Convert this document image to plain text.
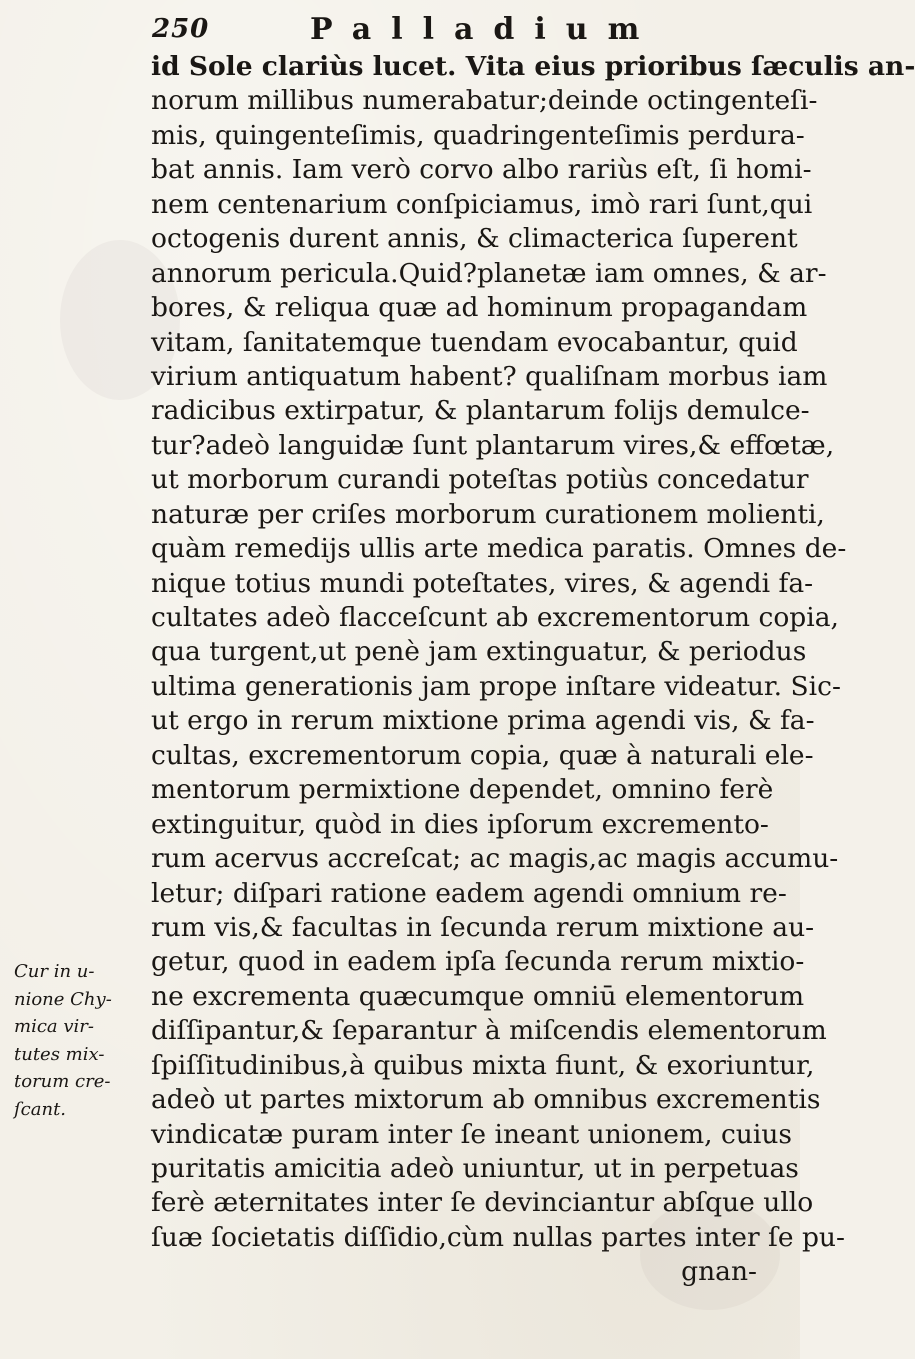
250	Palladium
Cur in u-
nione Chy-
mica vir-
tutes mix-
torum cre-
ſcant.
id Sole clariùs lucet. Vita eius prioribus ſæculis an-
norum millibus numerabatur;deinde octingenteſi-
mis, quingenteſimis, quadringenteſimis perdura-
bat annis. Iam verò corvo albo rariùs eſt, ſi homi-
nem centenarium conſpiciamus, imò rari ſunt,qui
octogenis durent annis, & climacterica ſuperent
annorum pericula.Quid?planetæ iam omnes, & ar-
bores, & reliqua quæ ad hominum propagandam
vitam, ſanitatemque tuendam evocabantur, quid
virium antiquatum habent? qualiſnam morbus iam
radicibus extirpatur, & plantarum folijs demulce-
tur?adeò languidæ ſunt plantarum vires,& effœtæ,
ut morborum curandi poteſtas potiùs concedatur
naturæ per criſes morborum curationem molienti,
quàm remedijs ullis arte medica paratis. Omnes de-
nique totius mundi poteſtates, vires, & agendi fa-
cultates adeò flacceſcunt ab excrementorum copia,
qua turgent,ut penè jam extinguatur, & periodus
ultima generationis jam prope inſtare videatur. Sic-
ut ergo in rerum mixtione prima agendi vis, & fa-
cultas, excrementorum copia, quæ à naturali ele-
mentorum permixtione dependet, omnino ferè
extinguitur, quòd in dies ipſorum excremento-
rum acervus accreſcat; ac magis,ac magis accumu-
letur; diſpari ratione eadem agendi omnium re-
rum vis,& facultas in ſecunda rerum mixtione au-
getur, quod in eadem ipſa ſecunda rerum mixtio-
ne excrementa quæcumque omniū elementorum
diſſipantur,& ſeparantur à miſcendis elementorum
ſpiſſitudinibus,à quibus mixta fiunt, & exoriuntur,
adeò ut partes mixtorum ab omnibus excrementis
vindicatæ puram inter ſe ineant unionem, cuius
puritatis amicitia adeò uniuntur, ut in perpetuas
ferè æternitates inter ſe devinciantur abſque ullo
ſuæ ſocietatis diſſidio,cùm nullas partes inter ſe pu-
gnan-
